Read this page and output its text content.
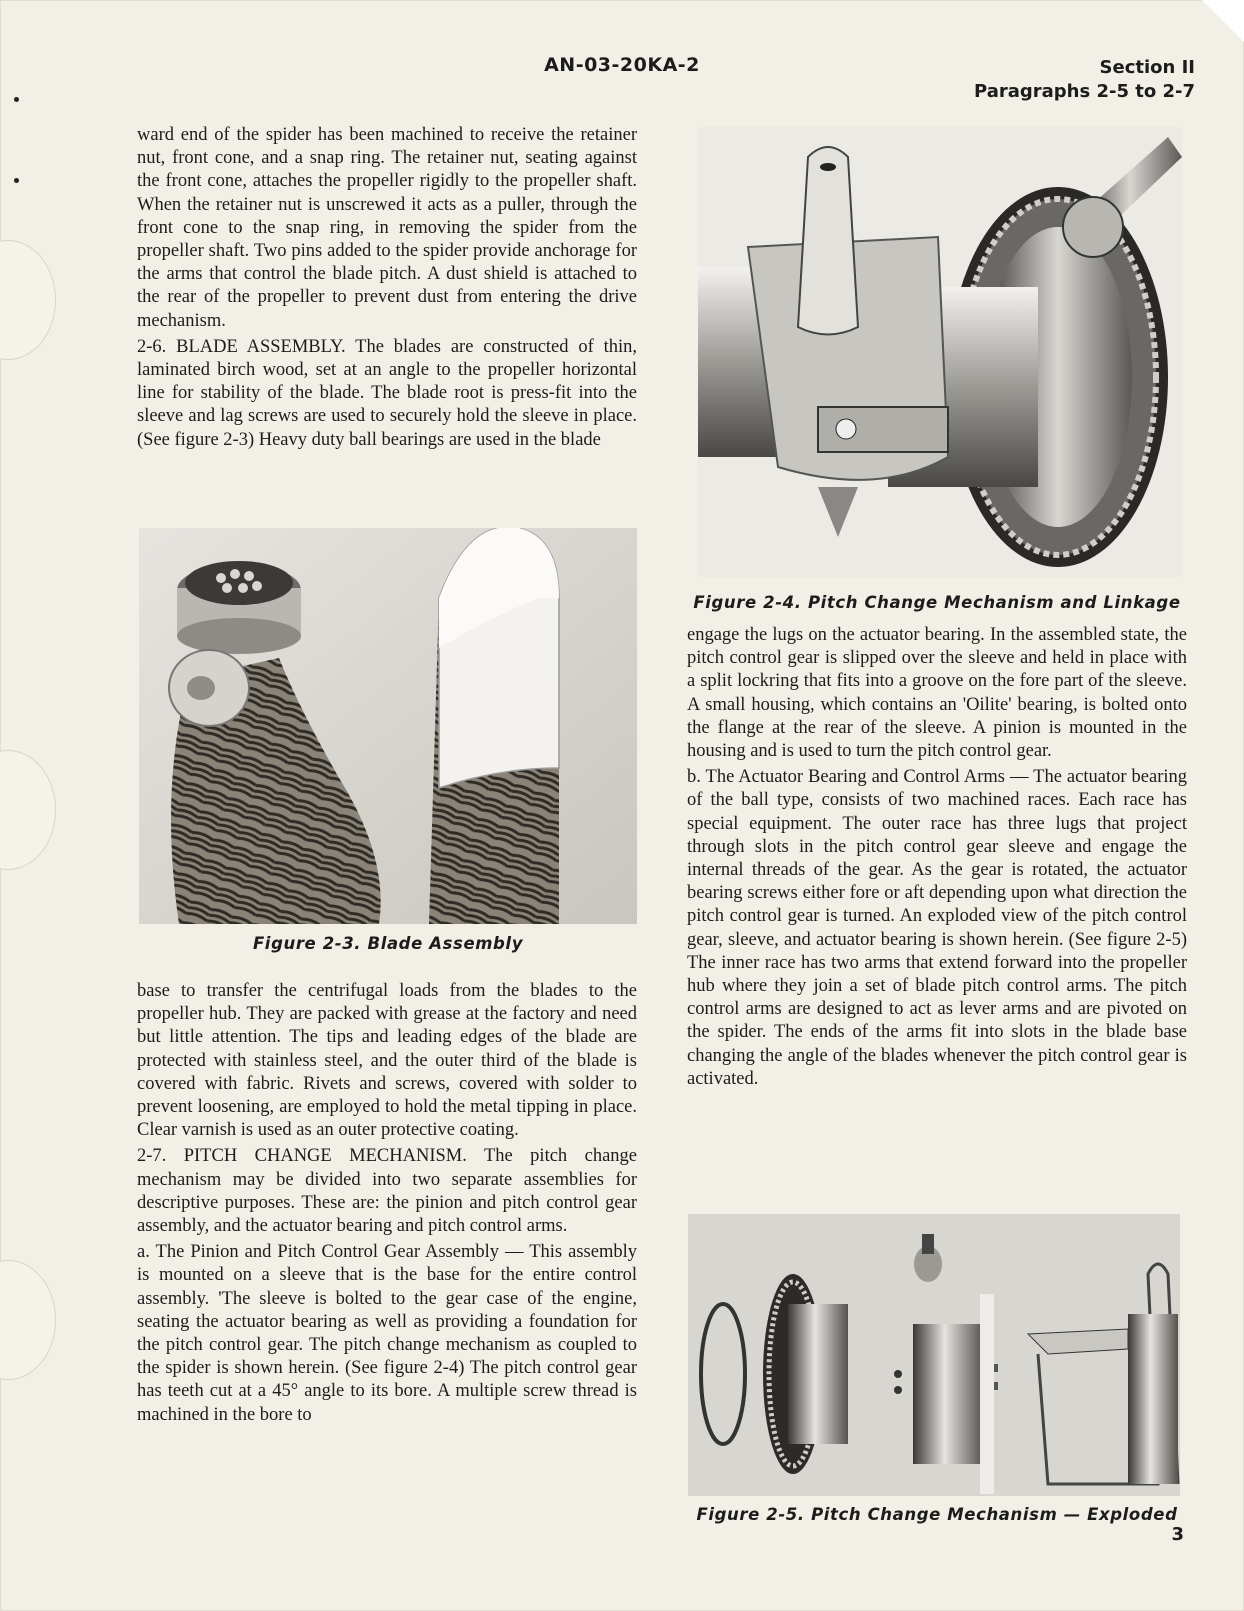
AN-03-20KA-2	Section II
Paragraphs 2-5 to 2-7

ward end of the spider has been machined to receive the retainer nut, front cone, and a snap ring. The retainer nut, seating against the front cone, attaches the propeller rigidly to the propeller shaft. When the retainer nut is unscrewed it acts as a puller, through the front cone to the snap ring, in removing the spider from the propeller shaft. Two pins added to the spider provide anchorage for the arms that control the blade pitch. A dust shield is attached to the rear of the propeller to prevent dust from entering the drive mechanism.

2-6. BLADE ASSEMBLY. The blades are constructed of thin, laminated birch wood, set at an angle to the propeller horizontal line for stability of the blade. The blade root is press-fit into the sleeve and lag screws are used to securely hold the sleeve in place. (See figure 2-3) Heavy duty ball bearings are used in the blade

Figure 2-3. Blade Assembly

base to transfer the centrifugal loads from the blades to the propeller hub. They are packed with grease at the factory and need but little attention. The tips and leading edges of the blade are protected with stainless steel, and the outer third of the blade is covered with fabric. Rivets and screws, covered with solder to prevent loosening, are employed to hold the metal tipping in place. Clear varnish is used as an outer protective coating.

2-7. PITCH CHANGE MECHANISM. The pitch change mechanism may be divided into two separate assemblies for descriptive purposes. These are: the pinion and pitch control gear assembly, and the actuator bearing and pitch control arms.

a. The Pinion and Pitch Control Gear Assembly — This assembly is mounted on a sleeve that is the base for the entire control assembly. 'The sleeve is bolted to the gear case of the engine, seating the actuator bearing as well as providing a foundation for the pitch control gear. The pitch change mechanism as coupled to the spider is shown herein. (See figure 2-4) The pitch control gear has teeth cut at a 45° angle to its bore. A multiple screw thread is machined in the bore to

Figure 2-4. Pitch Change Mechanism and Linkage

engage the lugs on the actuator bearing. In the assembled state, the pitch control gear is slipped over the sleeve and held in place with a split lockring that fits into a groove on the fore part of the sleeve. A small housing, which contains an 'Oilite' bearing, is bolted onto the flange at the rear of the sleeve. A pinion is mounted in the housing and is used to turn the pitch control gear.

b. The Actuator Bearing and Control Arms — The actuator bearing of the ball type, consists of two machined races. Each race has special equipment. The outer race has three lugs that project through slots in the pitch control gear sleeve and engage the internal threads of the gear. As the gear is rotated, the actuator bearing screws either fore or aft depending upon what direction the pitch control gear is turned. An exploded view of the pitch control gear, sleeve, and actuator bearing is shown herein. (See figure 2-5) The inner race has two arms that extend forward into the propeller hub where they join a set of blade pitch control arms. The pitch control arms are designed to act as lever arms and are pivoted on the spider. The ends of the arms fit into slots in the blade base changing the angle of the blades whenever the pitch control gear is activated.

Figure 2-5. Pitch Change Mechanism — Exploded
3
